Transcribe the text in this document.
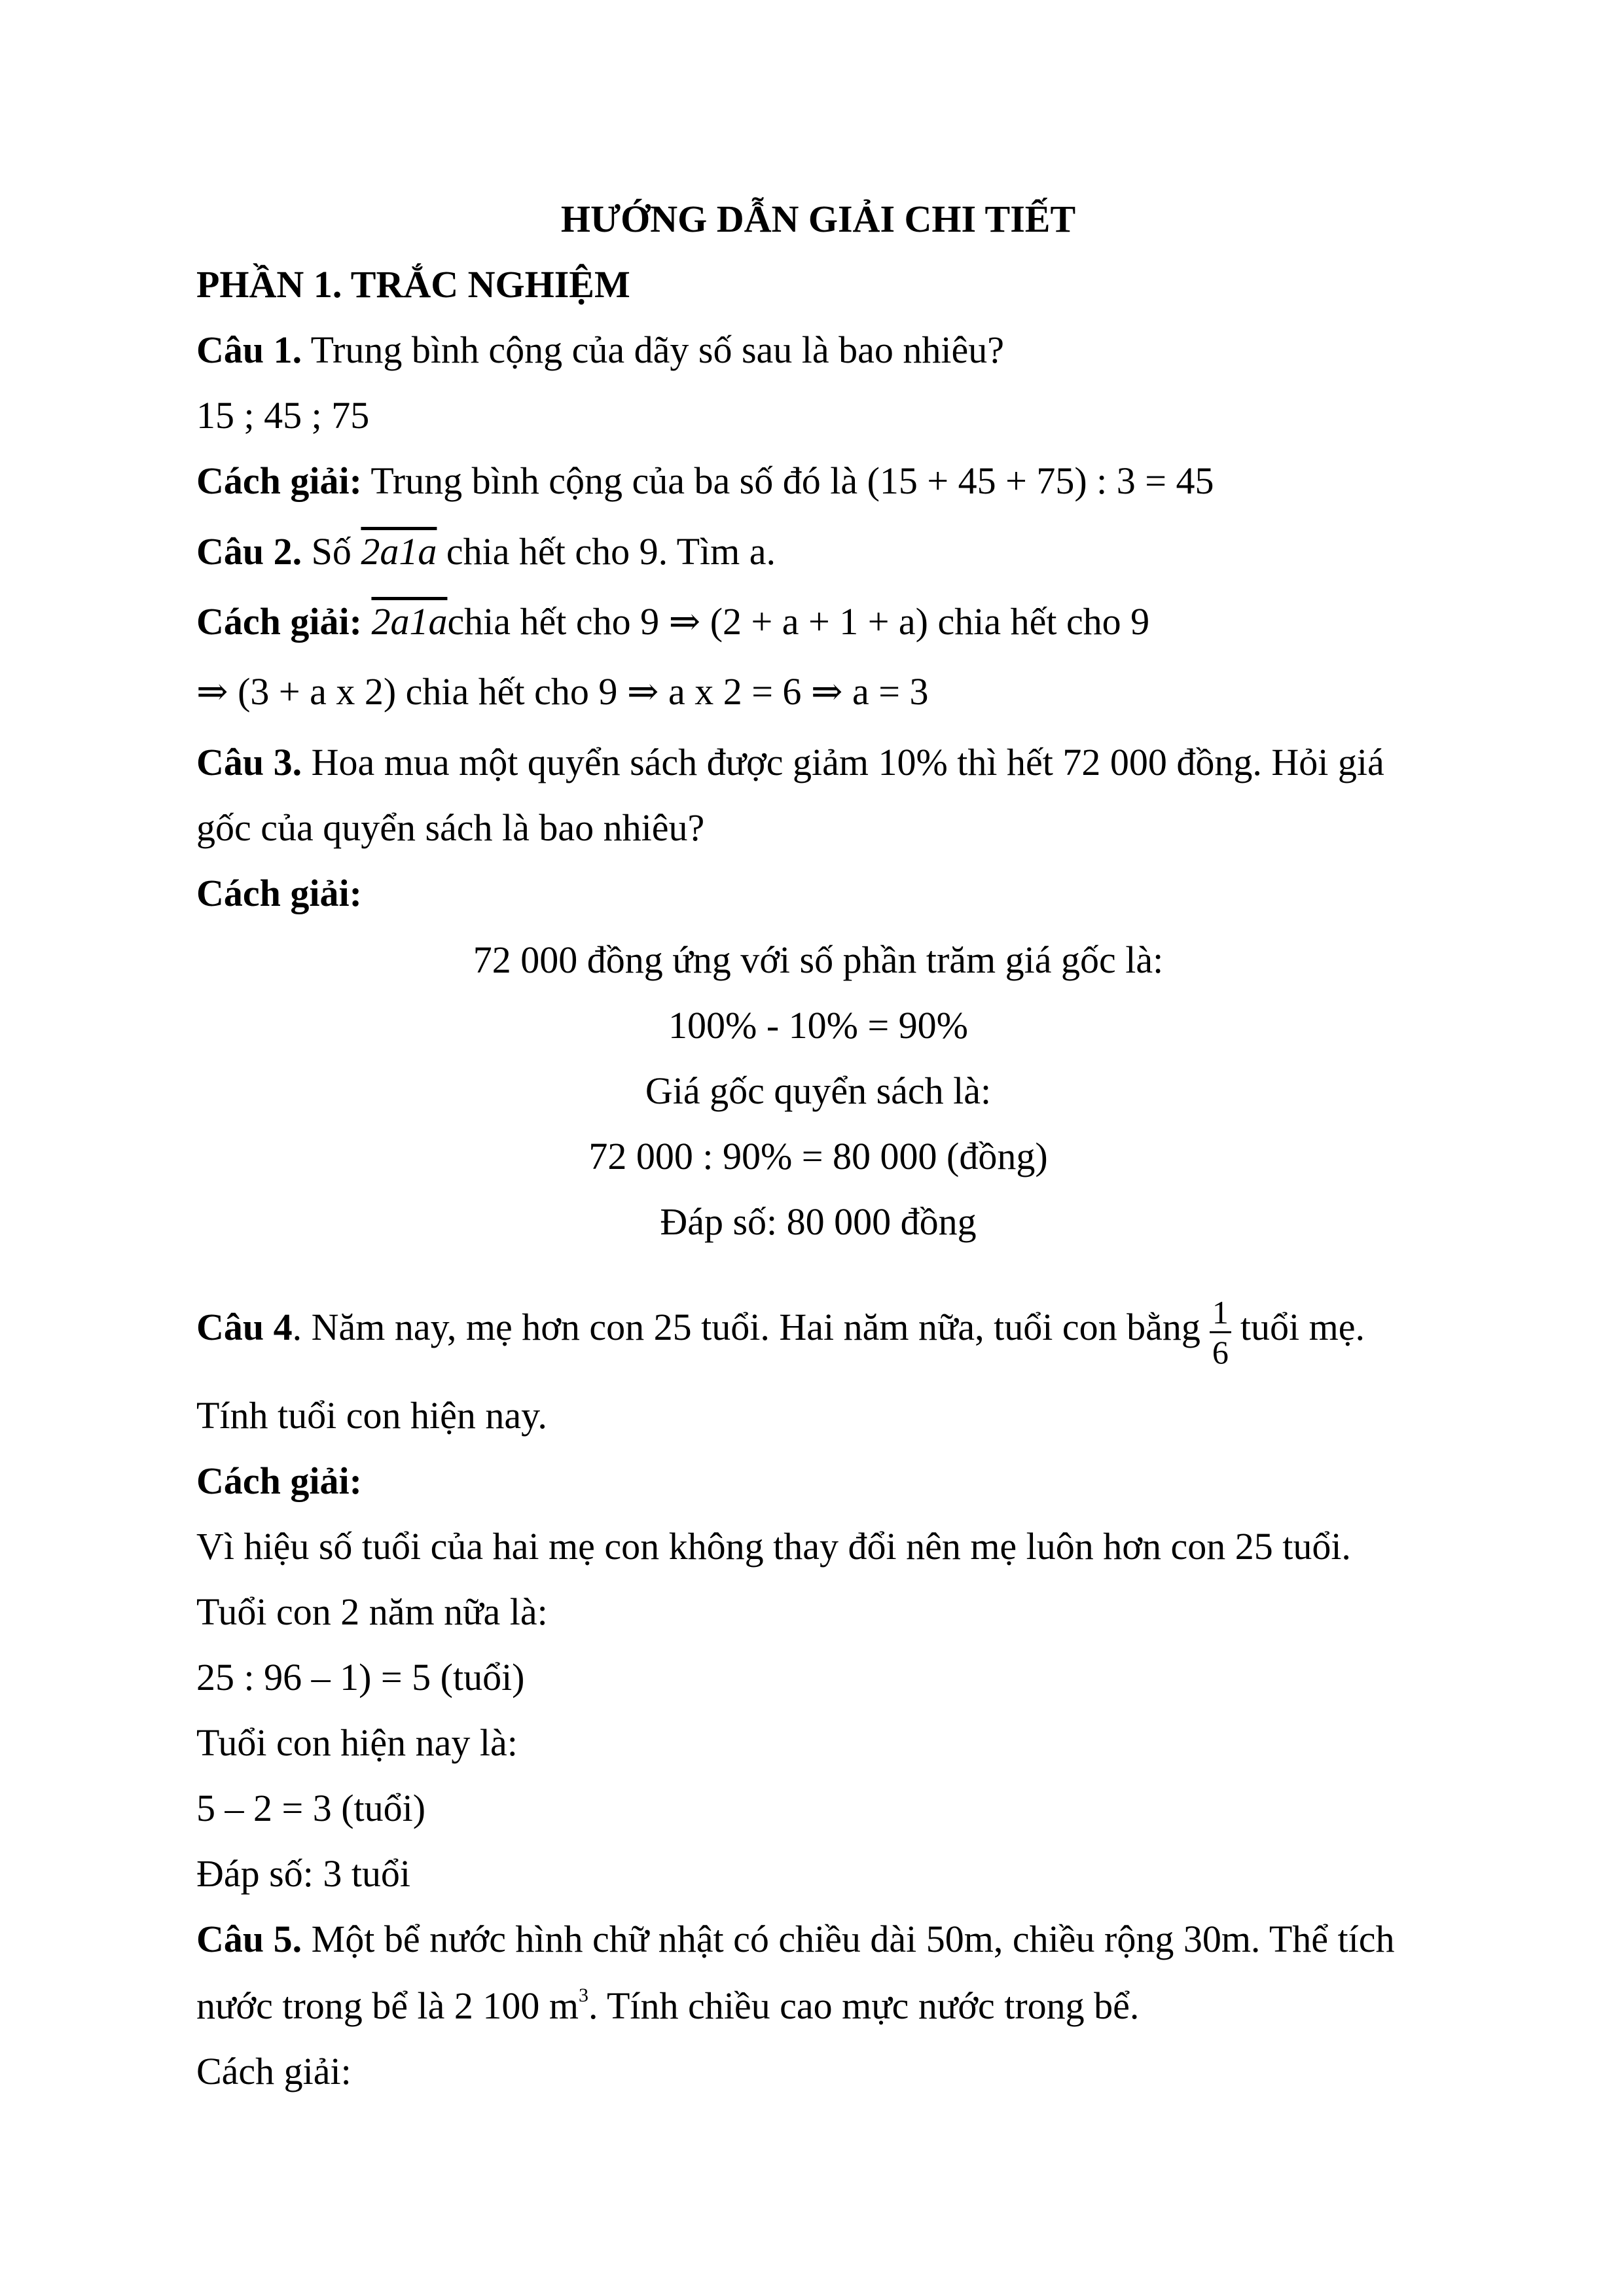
HƯỚNG DẪN GIẢI CHI TIẾT
PHẦN 1. TRẮC NGHIỆM
Câu 1. Trung bình cộng của dãy số sau là bao nhiêu?
15 ; 45 ; 75
Cách giải: Trung bình cộng của ba số đó là (15 + 45 + 75) : 3 = 45
Câu 2. Số 2a1a chia hết cho 9. Tìm a.
Cách giải: 2a1achia hết cho 9 ⇒ (2 + a + 1 + a) chia hết cho 9
⇒ (3 + a x 2) chia hết cho 9 ⇒ a x 2 = 6 ⇒ a = 3
Câu 3. Hoa mua một quyển sách được giảm 10% thì hết 72 000 đồng. Hỏi giá
gốc của quyển sách là bao nhiêu?
Cách giải:
72 000 đồng ứng với số phần trăm giá gốc là:
100% - 10% = 90%
Giá gốc quyển sách là:
72 000 : 90% = 80 000 (đồng)
Đáp số: 80 000 đồng
Câu 4. Năm nay, mẹ hơn con 25 tuổi. Hai năm nữa, tuổi con bằng $\frac{1}{6}$ tuổi mẹ.
Tính tuổi con hiện nay.
Cách giải:
Vì hiệu số tuổi của hai mẹ con không thay đổi nên mẹ luôn hơn con 25 tuổi.
Tuổi con 2 năm nữa là:
25 : 96 – 1) = 5 (tuổi)
Tuổi con hiện nay là:
5 – 2 = 3 (tuổi)
Đáp số: 3 tuổi
Câu 5. Một bể nước hình chữ nhật có chiều dài 50m, chiều rộng 30m. Thể tích
nước trong bể là 2 100 $m^3$. Tính chiều cao mực nước trong bể.
Cách giải:
